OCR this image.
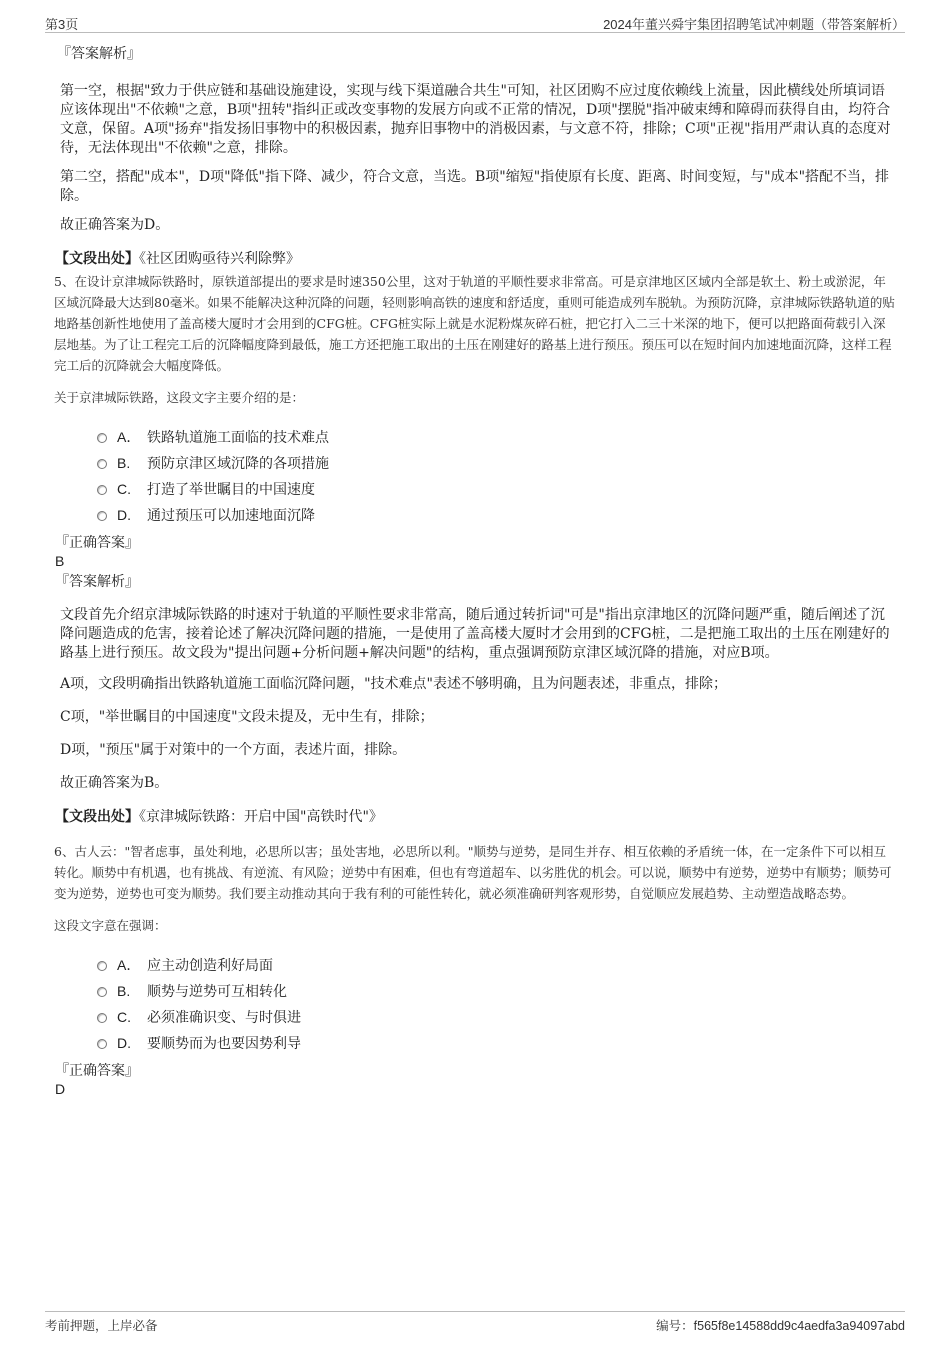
第3页	2024年董兴舜宇集团招聘笔试冲刺题（带答案解析）
『答案解析』
第一空，根据"致力于供应链和基础设施建设，实现与线下渠道融合共生"可知，社区团购不应过度依赖线上流量，因此横线处所填词语应该体现出"不依赖"之意，B项"扭转"指纠正或改变事物的发展方向或不正常的情况，D项"摆脱"指冲破束缚和障碍而获得自由，均符合文意，保留。A项"扬弃"指发扬旧事物中的积极因素，抛弃旧事物中的消极因素，与文意不符，排除；C项"正视"指用严肃认真的态度对待，无法体现出"不依赖"之意，排除。
第二空，搭配"成本"，D项"降低"指下降、减少，符合文意，当选。B项"缩短"指使原有长度、距离、时间变短，与"成本"搭配不当，排除。
故正确答案为D。
【文段出处】《社区团购亟待兴利除弊》
5、在设计京津城际铁路时，原铁道部提出的要求是时速350公里，这对于轨道的平顺性要求非常高。可是京津地区区域内全部是软土、粉土或淤泥，年区域沉降最大达到80毫米。如果不能解决这种沉降的问题，轻则影响高铁的速度和舒适度，重则可能造成列车脱轨。为预防沉降，京津城际铁路轨道的贴地路基创新性地使用了盖高楼大厦时才会用到的CFG桩。CFG桩实际上就是水泥粉煤灰碎石桩，把它打入二三十米深的地下，便可以把路面荷载引入深层地基。为了让工程完工后的沉降幅度降到最低，施工方还把施工取出的土压在刚建好的路基上进行预压。预压可以在短时间内加速地面沉降，这样工程完工后的沉降就会大幅度降低。
关于京津城际铁路，这段文字主要介绍的是：
A． 铁路轨道施工面临的技术难点
B. 预防京津区域沉降的各项措施
C. 打造了举世瞩目的中国速度
D. 通过预压可以加速地面沉降
『正确答案』
B
『答案解析』
文段首先介绍京津城际铁路的时速对于轨道的平顺性要求非常高，随后通过转折词"可是"指出京津地区的沉降问题严重，随后阐述了沉降问题造成的危害，接着论述了解决沉降问题的措施，一是使用了盖高楼大厦时才会用到的CFG桩，二是把施工取出的土压在刚建好的路基上进行预压。故文段为"提出问题+分析问题+解决问题"的结构，重点强调预防京津区域沉降的措施，对应B项。
A项，文段明确指出铁路轨道施工面临沉降问题，"技术难点"表述不够明确，且为问题表述，非重点，排除；
C项，"举世瞩目的中国速度"文段未提及，无中生有，排除；
D项，"预压"属于对策中的一个方面，表述片面，排除。
故正确答案为B。
【文段出处】《京津城际铁路：开启中国"高铁时代"》
6、古人云："智者虑事，虽处利地，必思所以害；虽处害地，必思所以利。"顺势与逆势，是同生并存、相互依赖的矛盾统一体，在一定条件下可以相互转化。顺势中有机遇，也有挑战、有逆流、有风险；逆势中有困难，但也有弯道超车、以劣胜优的机会。可以说，顺势中有逆势，逆势中有顺势；顺势可变为逆势，逆势也可变为顺势。我们要主动推动其向于我有利的可能性转化，就必须准确研判客观形势，自觉顺应发展趋势、主动塑造战略态势。
这段文字意在强调：
A． 应主动创造利好局面
B. 顺势与逆势可互相转化
C. 必须准确识变、与时俱进
D. 要顺势而为也要因势利导
『正确答案』
D
考前押题，上岸必备	编号：f565f8e14588dd9c4aedfa3a94097abd
